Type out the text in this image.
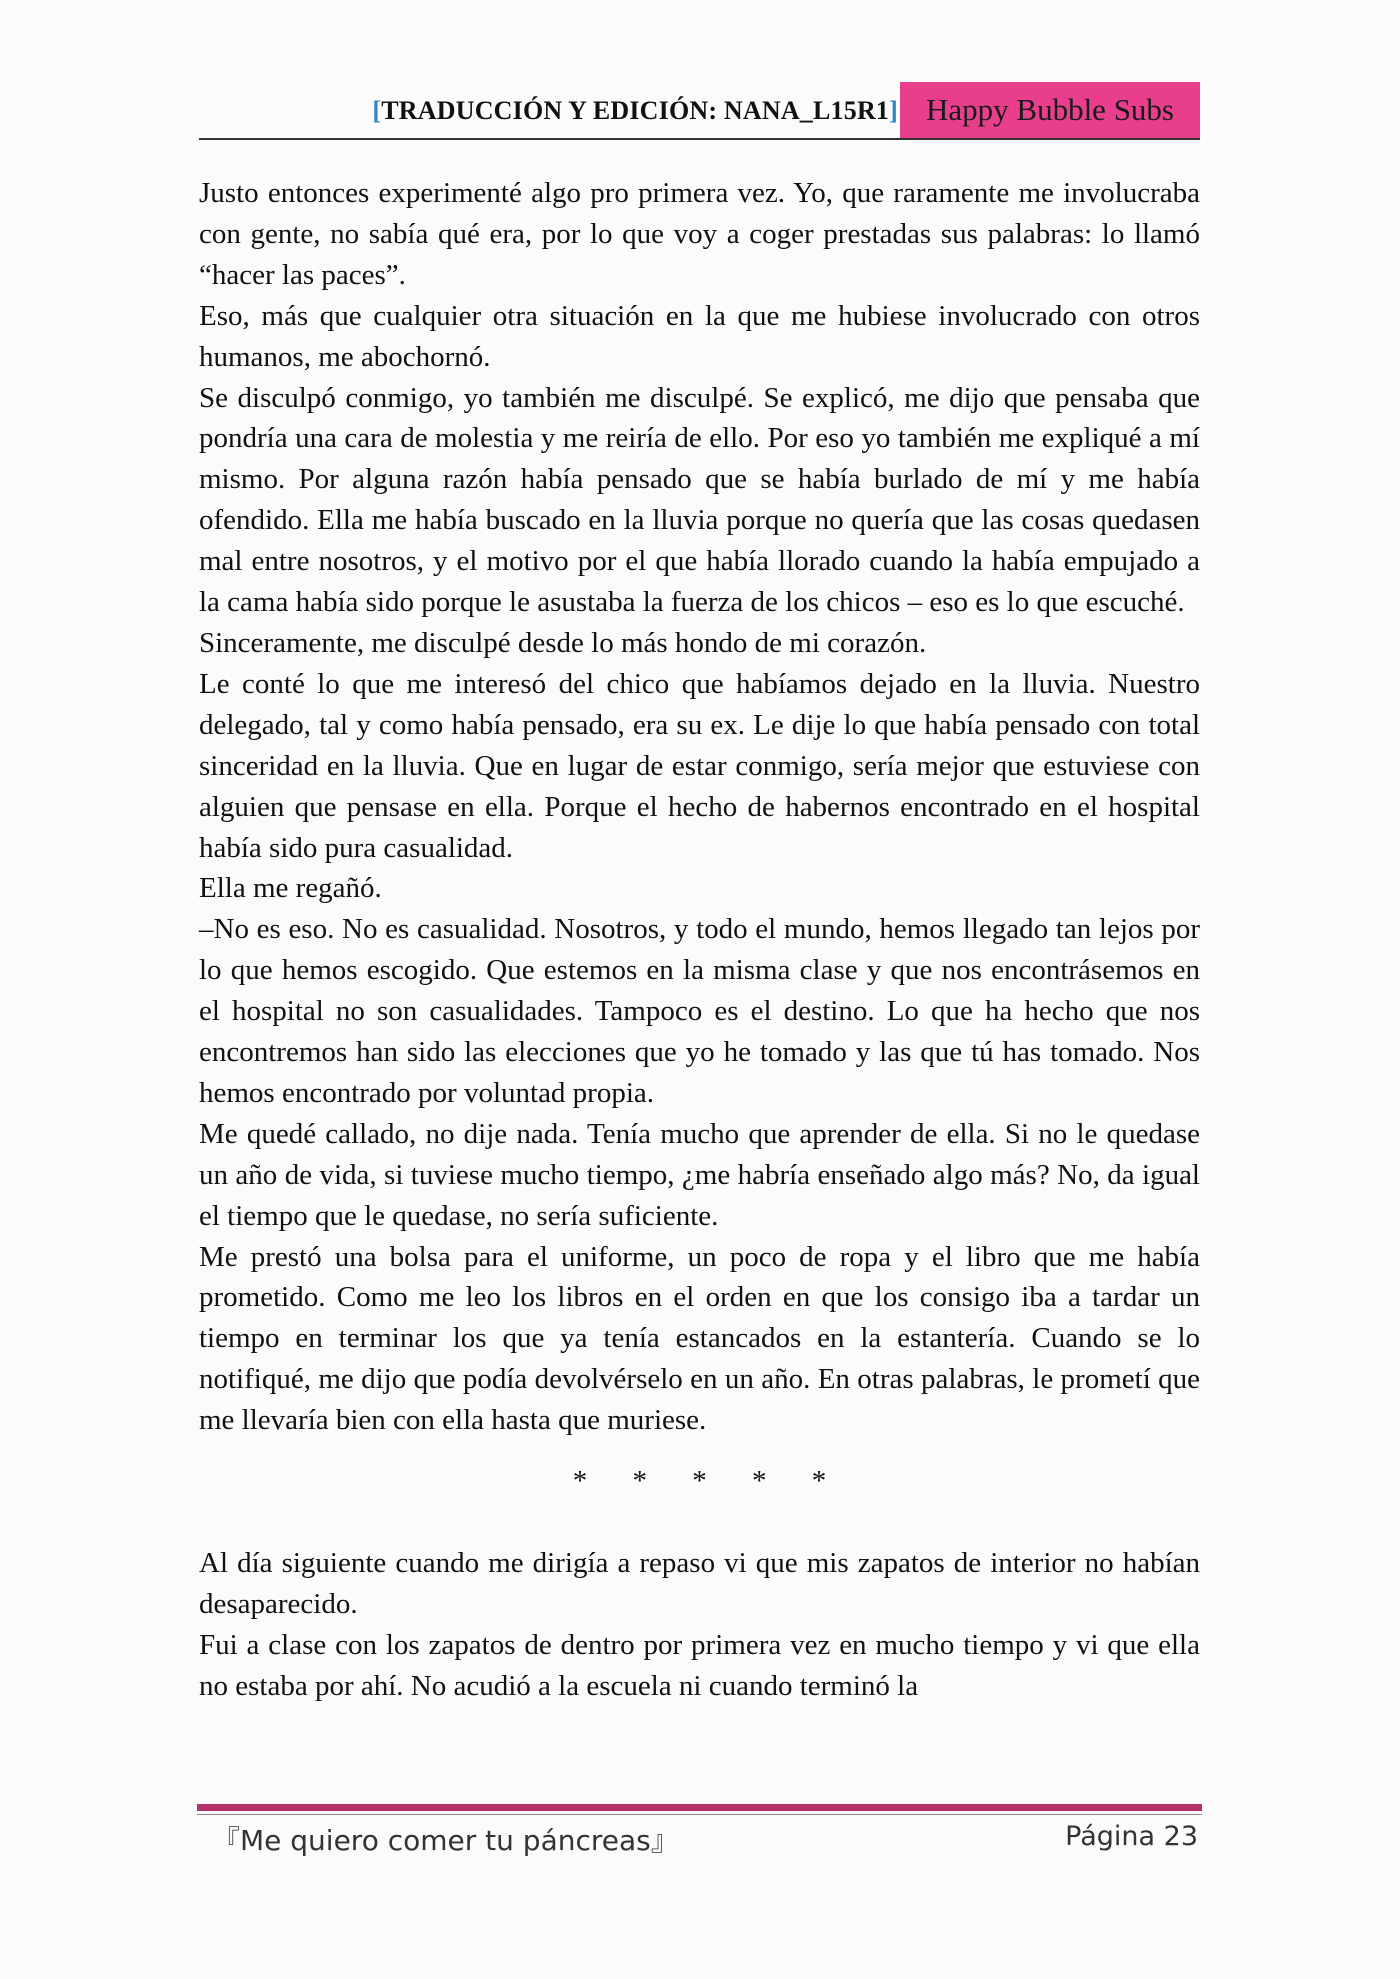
[TRADUCCIÓN Y EDICIÓN: NANA_L15R1] Happy Bubble Subs

Justo entonces experimenté algo pro primera vez. Yo, que raramente me involucraba con gente, no sabía qué era, por lo que voy a coger prestadas sus palabras: lo llamó “hacer las paces”.

Eso, más que cualquier otra situación en la que me hubiese involucrado con otros humanos, me abochornó.

Se disculpó conmigo, yo también me disculpé. Se explicó, me dijo que pensaba que pondría una cara de molestia y me reiría de ello. Por eso yo también me expliqué a mí mismo. Por alguna razón había pensado que se había burlado de mí y me había ofendido. Ella me había buscado en la lluvia porque no quería que las cosas quedasen mal entre nosotros, y el motivo por el que había llorado cuando la había empujado a la cama había sido porque le asustaba la fuerza de los chicos – eso es lo que escuché.

Sinceramente, me disculpé desde lo más hondo de mi corazón.

Le conté lo que me interesó del chico que habíamos dejado en la lluvia. Nuestro delegado, tal y como había pensado, era su ex. Le dije lo que había pensado con total sinceridad en la lluvia. Que en lugar de estar conmigo, sería mejor que estuviese con alguien que pensase en ella. Porque el hecho de habernos encontrado en el hospital había sido pura casualidad.

Ella me regañó.

–No es eso. No es casualidad. Nosotros, y todo el mundo, hemos llegado tan lejos por lo que hemos escogido. Que estemos en la misma clase y que nos encontrásemos en el hospital no son casualidades. Tampoco es el destino. Lo que ha hecho que nos encontremos han sido las elecciones que yo he tomado y las que tú has tomado. Nos hemos encontrado por voluntad propia.

Me quedé callado, no dije nada. Tenía mucho que aprender de ella. Si no le quedase un año de vida, si tuviese mucho tiempo, ¿me habría enseñado algo más? No, da igual el tiempo que le quedase, no sería suficiente.

Me prestó una bolsa para el uniforme, un poco de ropa y el libro que me había prometido. Como me leo los libros en el orden en que los consigo iba a tardar un tiempo en terminar los que ya tenía estancados en la estantería. Cuando se lo notifiqué, me dijo que podía devolvérselo en un año. En otras palabras, le prometí que me llevaría bien con ella hasta que muriese.

* * * * *

Al día siguiente cuando me dirigía a repaso vi que mis zapatos de interior no habían desaparecido.

Fui a clase con los zapatos de dentro por primera vez en mucho tiempo y vi que ella no estaba por ahí. No acudió a la escuela ni cuando terminó la

『Me quiero comer tu páncreas』	Página 23
